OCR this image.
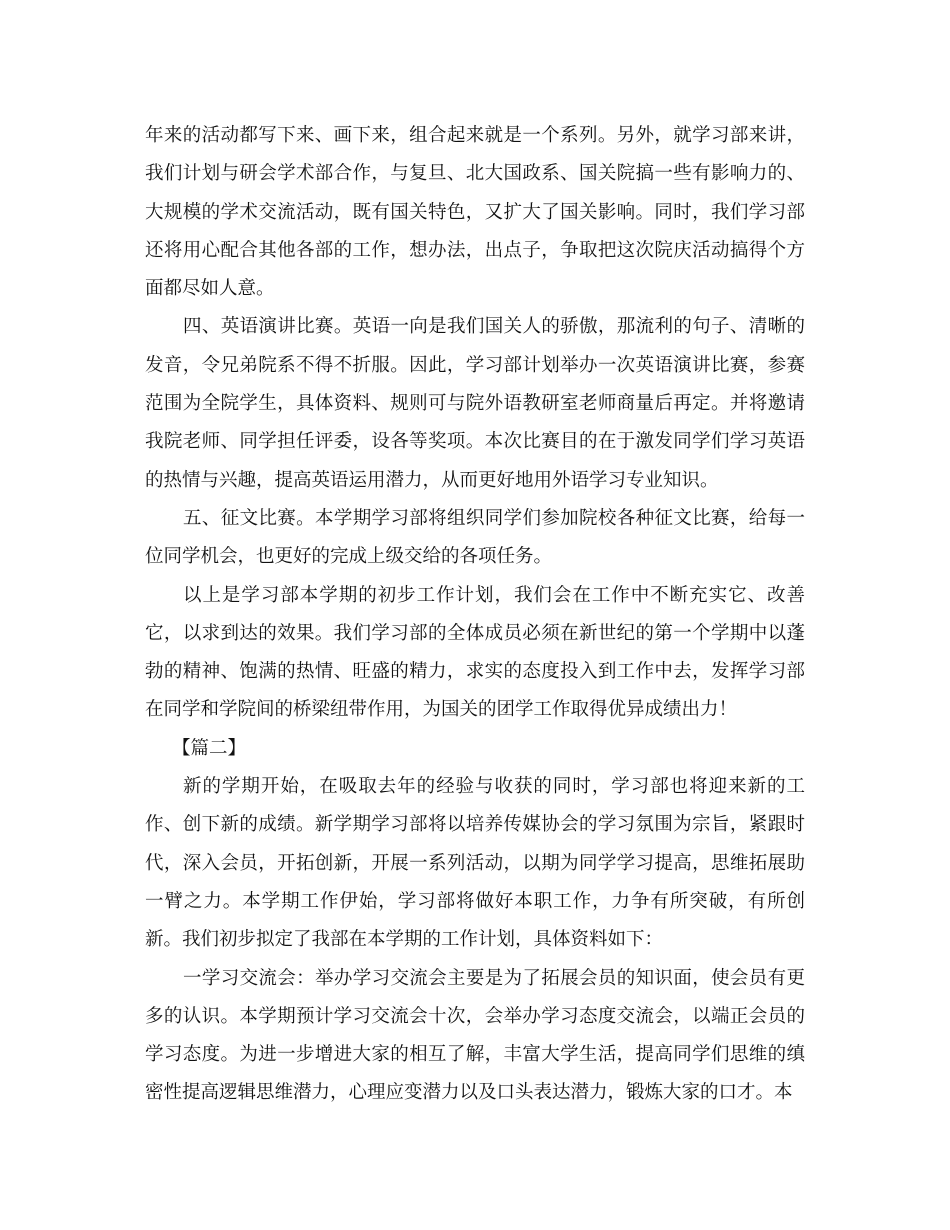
年来的活动都写下来、画下来，组合起来就是一个系列。另外，就学习部来讲，我们计划与研会学术部合作，与复旦、北大国政系、国关院搞一些有影响力的、大规模的学术交流活动，既有国关特色，又扩大了国关影响。同时，我们学习部还将用心配合其他各部的工作，想办法，出点子，争取把这次院庆活动搞得个方面都尽如人意。

四、英语演讲比赛。英语一向是我们国关人的骄傲，那流利的句子、清晰的发音，令兄弟院系不得不折服。因此，学习部计划举办一次英语演讲比赛，参赛范围为全院学生，具体资料、规则可与院外语教研室老师商量后再定。并将邀请我院老师、同学担任评委，设各等奖项。本次比赛目的在于激发同学们学习英语的热情与兴趣，提高英语运用潜力，从而更好地用外语学习专业知识。

五、征文比赛。本学期学习部将组织同学们参加院校各种征文比赛，给每一位同学机会，也更好的完成上级交给的各项任务。

以上是学习部本学期的初步工作计划，我们会在工作中不断充实它、改善它，以求到达的效果。我们学习部的全体成员必须在新世纪的第一个学期中以蓬勃的精神、饱满的热情、旺盛的精力，求实的态度投入到工作中去，发挥学习部在同学和学院间的桥梁纽带作用，为国关的团学工作取得优异成绩出力！

【篇二】

新的学期开始，在吸取去年的经验与收获的同时，学习部也将迎来新的工作、创下新的成绩。新学期学习部将以培养传媒协会的学习氛围为宗旨，紧跟时代，深入会员，开拓创新，开展一系列活动，以期为同学学习提高，思维拓展助一臂之力。本学期工作伊始，学习部将做好本职工作，力争有所突破，有所创新。我们初步拟定了我部在本学期的工作计划，具体资料如下：

一学习交流会：举办学习交流会主要是为了拓展会员的知识面，使会员有更多的认识。本学期预计学习交流会十次，会举办学习态度交流会，以端正会员的学习态度。为进一步增进大家的相互了解，丰富大学生活，提高同学们思维的缜密性提高逻辑思维潜力，心理应变潜力以及口头表达潜力，锻炼大家的口才。本
